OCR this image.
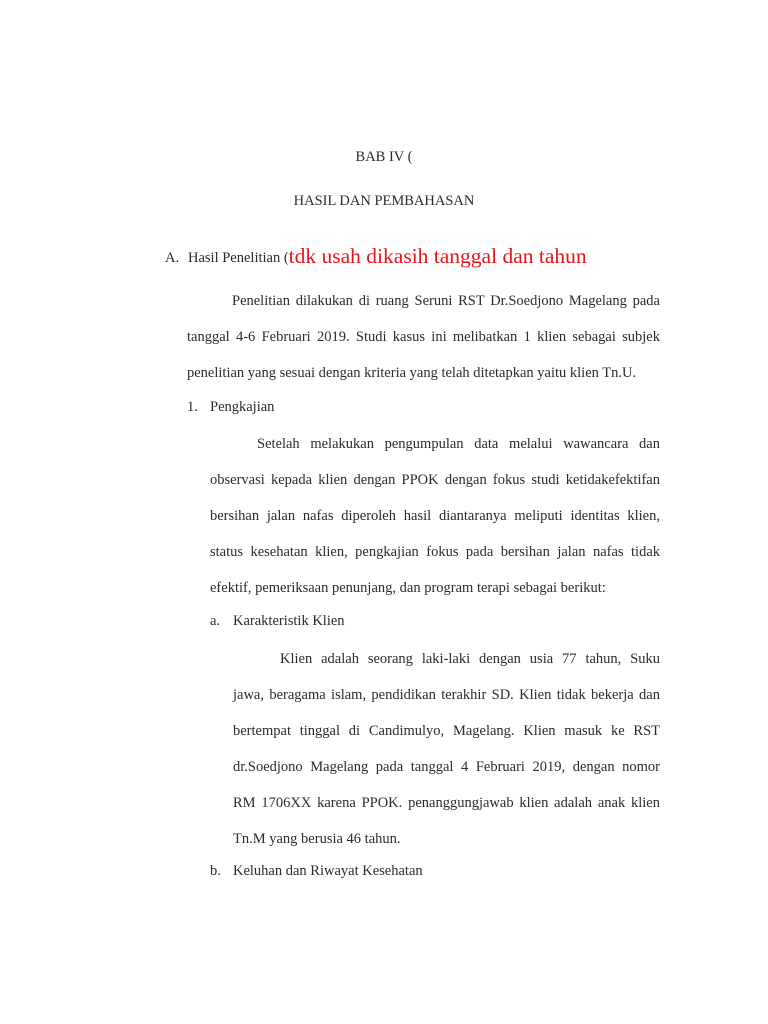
BAB IV (
HASIL DAN PEMBAHASAN
A. Hasil Penelitian (tdk usah dikasih tanggal dan tahun
Penelitian dilakukan di ruang Seruni RST Dr.Soedjono Magelang pada
tanggal 4-6 Februari 2019. Studi kasus ini melibatkan 1 klien sebagai subjek
penelitian yang sesuai dengan kriteria yang telah ditetapkan yaitu klien Tn.U.
1. Pengkajian
Setelah melakukan pengumpulan data melalui wawancara dan
observasi kepada klien dengan PPOK dengan fokus studi ketidakefektifan
bersihan jalan nafas diperoleh hasil diantaranya meliputi identitas klien,
status kesehatan klien, pengkajian fokus pada bersihan jalan nafas tidak
efektif, pemeriksaan penunjang, dan program terapi sebagai berikut:
a. Karakteristik Klien
Klien adalah seorang laki-laki dengan usia 77 tahun, Suku
jawa, beragama islam, pendidikan terakhir SD. Klien tidak bekerja dan
bertempat tinggal di Candimulyo, Magelang. Klien masuk ke RST
dr.Soedjono Magelang pada tanggal 4 Februari 2019, dengan nomor
RM 1706XX karena PPOK. penanggungjawab klien adalah anak klien
Tn.M yang berusia 46 tahun.
b. Keluhan dan Riwayat Kesehatan
